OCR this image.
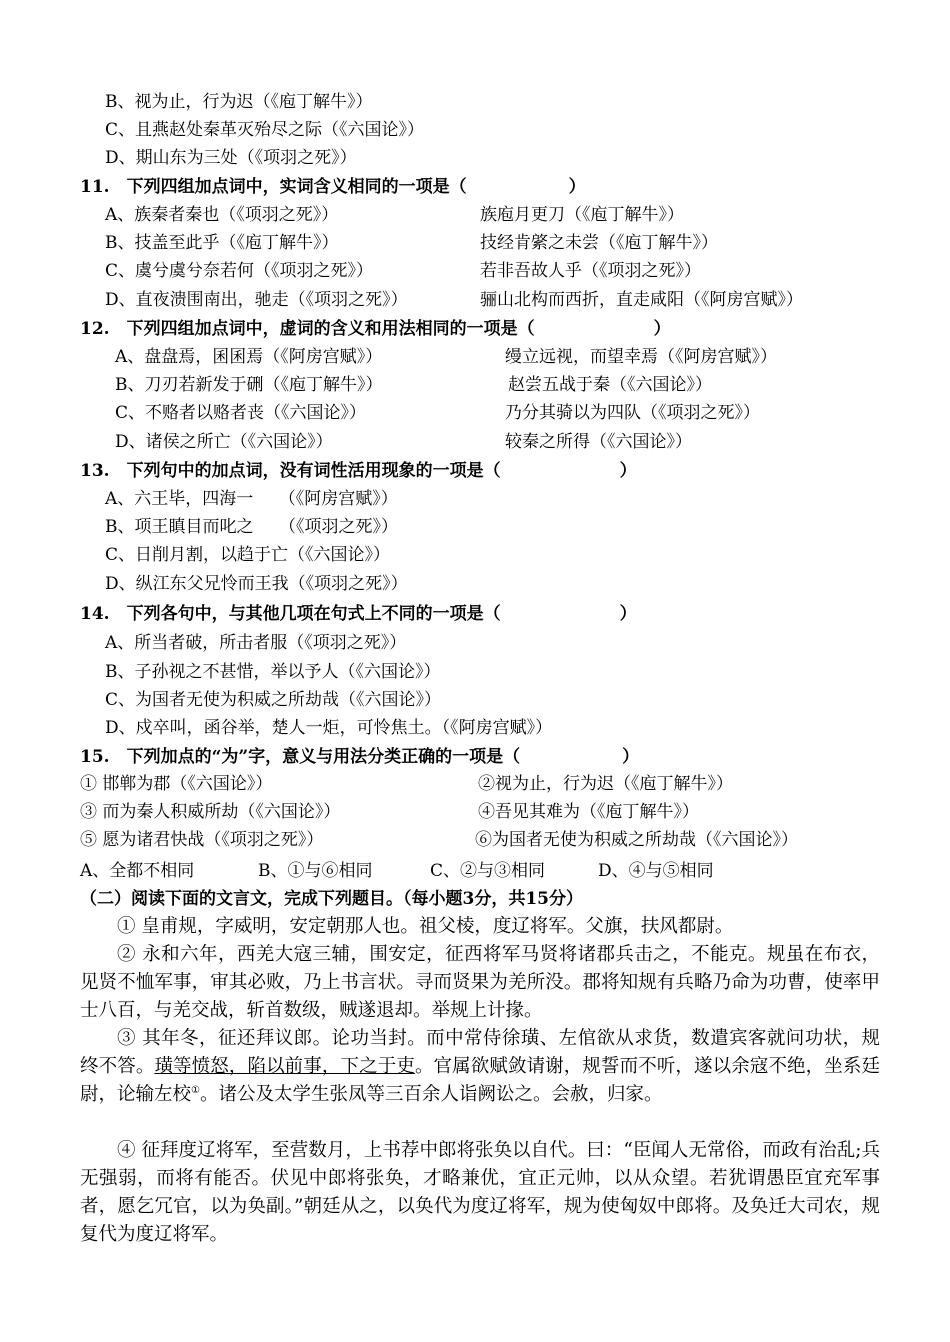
B、视为止，行为迟（《庖丁解牛》）
C、且燕赵处秦革灭殆尽之际（《六国论》）
D、期山东为三处（《项羽之死》）
11.　下列四组加点词中，实词含义相同的一项是（　　　　　　）
A、族秦者秦也（《项羽之死》）	族庖月更刀（《庖丁解牛》）
B、技盖至此乎（《庖丁解牛》）	技经肯綮之未尝（《庖丁解牛》）
C、虞兮虞兮奈若何（《项羽之死》）	若非吾故人乎（《项羽之死》）
D、直夜溃围南出，驰走（《项羽之死》）	骊山北构而西折，直走咸阳（《阿房宫赋》）
12.　下列四组加点词中，虚词的含义和用法相同的一项是（　　　　　　　）
A、盘盘焉，囷囷焉（《阿房宫赋》）	缦立远视，而望幸焉（《阿房宫赋》）
B、刀刃若新发于硎（《庖丁解牛》）	赵尝五战于秦（《六国论》）
C、不赂者以赂者丧（《六国论》）	乃分其骑以为四队（《项羽之死》）
D、诸侯之所亡（《六国论》）	较秦之所得（《六国论》）
13.　下列句中的加点词，没有词性活用现象的一项是（　　　　　　　）
A、六王毕，四海一　　（《阿房宫赋》）
B、项王瞋目而叱之　　（《项羽之死》）
C、日削月割，以趋于亡（《六国论》）
D、纵江东父兄怜而王我（《项羽之死》）
14.　下列各句中，与其他几项在句式上不同的一项是（　　　　　　　）
A、所当者破，所击者服（《项羽之死》）
B、子孙视之不甚惜，举以予人（《六国论》）
C、为国者无使为积威之所劫哉（《六国论》）
D、戍卒叫，函谷举，楚人一炬，可怜焦土。（《阿房宫赋》）
15.　下列加点的“为”字，意义与用法分类正确的一项是（　　　　　　）
① 邯郸为郡（《六国论》）	②视为止，行为迟（《庖丁解牛》）
③ 而为秦人积威所劫（《六国论》）	④吾见其难为（《庖丁解牛》）
⑤ 愿为诸君快战（《项羽之死》）	⑥为国者无使为积威之所劫哉（《六国论》）
A、全都不相同	B、①与⑥相同	C、②与③相同	D、④与⑤相同
（二）阅读下面的文言文，完成下列题目。（每小题3分，共15分）
① 皇甫规，字威明，安定朝那人也。祖父棱，度辽将军。父旗，扶风都尉。
② 永和六年，西羌大寇三辅，围安定，征西将军马贤将诸郡兵击之，不能克。规虽在布衣，见贤不恤军事，审其必败，乃上书言状。寻而贤果为羌所没。郡将知规有兵略乃命为功曹，使率甲士八百，与羌交战，斩首数级，贼遂退却。举规上计掾。
③ 其年冬，征还拜议郎。论功当封。而中常侍徐璜、左倌欲从求货，数遣宾客就问功状，规终不答。璜等愤怒，陷以前事，下之于吏。官属欲赋敛请谢，规誓而不听，遂以余寇不绝，坐系廷尉，论输左校①。诸公及太学生张凤等三百余人诣阙讼之。会赦，归家。
④ 征拜度辽将军，至营数月，上书荐中郎将张奂以自代。曰：“臣闻人无常俗，而政有治乱;兵无强弱，而将有能否。伏见中郎将张奂，才略兼优，宜正元帅，以从众望。若犹谓愚臣宜充军事者，愿乞冗官，以为奂副。”朝廷从之，以奂代为度辽将军，规为使匈奴中郎将。及奂迁大司农，规复代为度辽将军。
